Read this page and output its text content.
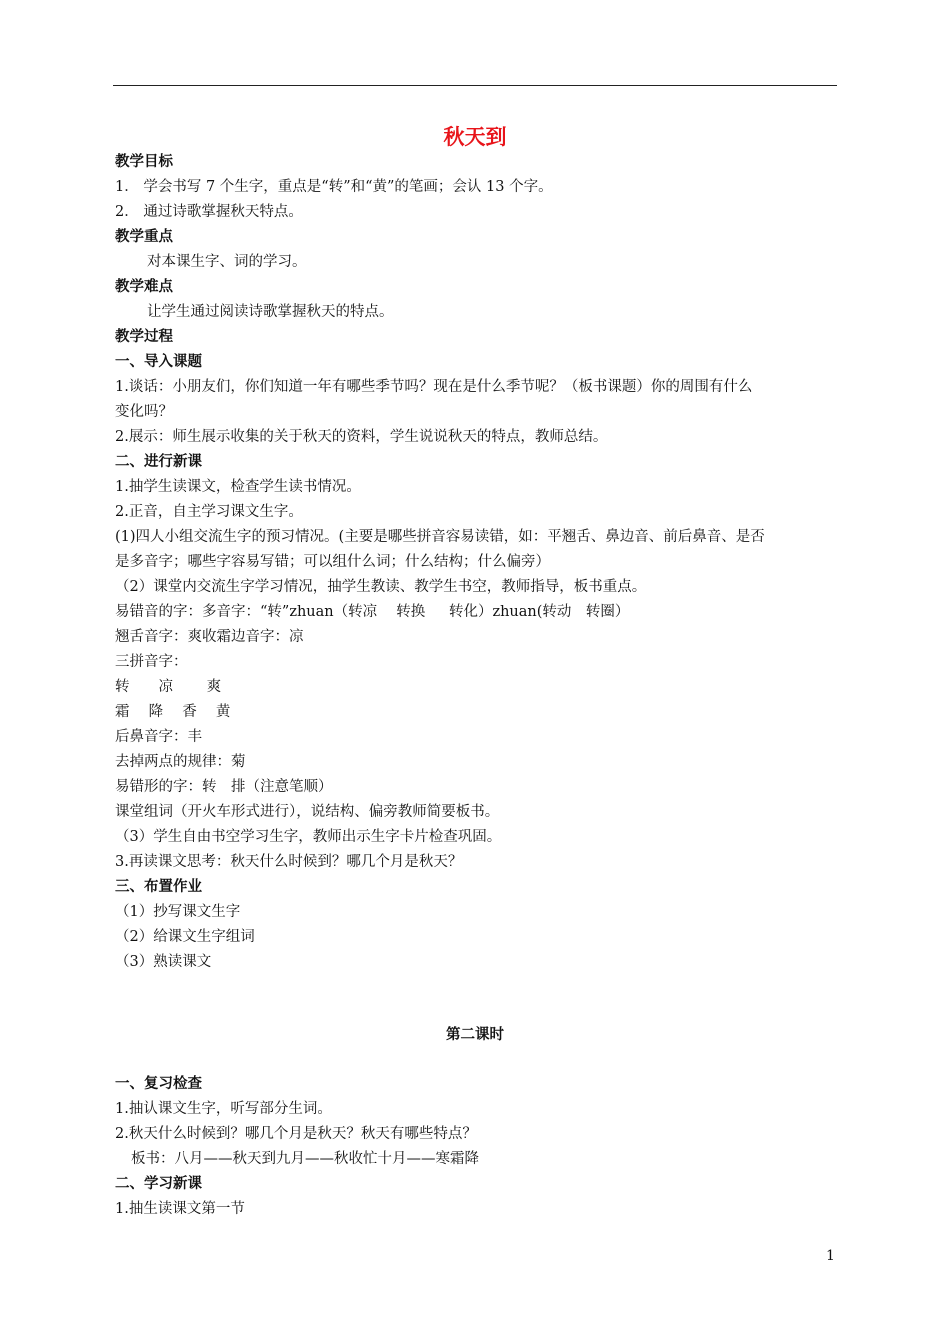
秋天到
教学目标
1． 学会书写 7 个生字，重点是“转”和“黄”的笔画；会认 13 个字。
2． 通过诗歌掌握秋天特点。
教学重点
对本课生字、词的学习。
教学难点
让学生通过阅读诗歌掌握秋天的特点。
教学过程
一、导入课题
1.谈话：小朋友们，你们知道一年有哪些季节吗？现在是什么季节呢？（板书课题）你的周围有什么
变化吗？
2.展示：师生展示收集的关于秋天的资料，学生说说秋天的特点，教师总结。
二、进行新课
1.抽学生读课文，检查学生读书情况。
2.正音，自主学习课文生字。
(1)四人小组交流生字的预习情况。(主要是哪些拼音容易读错，如：平翘舌、鼻边音、前后鼻音、是否
是多音字；哪些字容易写错；可以组什么词；什么结构；什么偏旁）
（2）课堂内交流生字学习情况，抽学生教读、教学生书空，教师指导，板书重点。
易错音的字：多音字：“转”zhuan（转凉　 转换 　 转化）zhuan(转动　转圈）
翘舌音字：爽收霜边音字：凉
三拼音字：
转　　凉　　 爽
霜　 降　 香　 黄
后鼻音字：丰
去掉两点的规律：菊
易错形的字：转　排（注意笔顺）
课堂组词（开火车形式进行），说结构、偏旁教师简要板书。
（3）学生自由书空学习生字，教师出示生字卡片检查巩固。
3.再读课文思考：秋天什么时候到？哪几个月是秋天？
三、布置作业
（1）抄写课文生字
（2）给课文生字组词
（3）熟读课文
第二课时
一、复习检查
1.抽认课文生字，听写部分生词。
2.秋天什么时候到？哪几个月是秋天？秋天有哪些特点？
板书：八月——秋天到九月——秋收忙十月——寒霜降
二、学习新课
1.抽生读课文第一节
1
